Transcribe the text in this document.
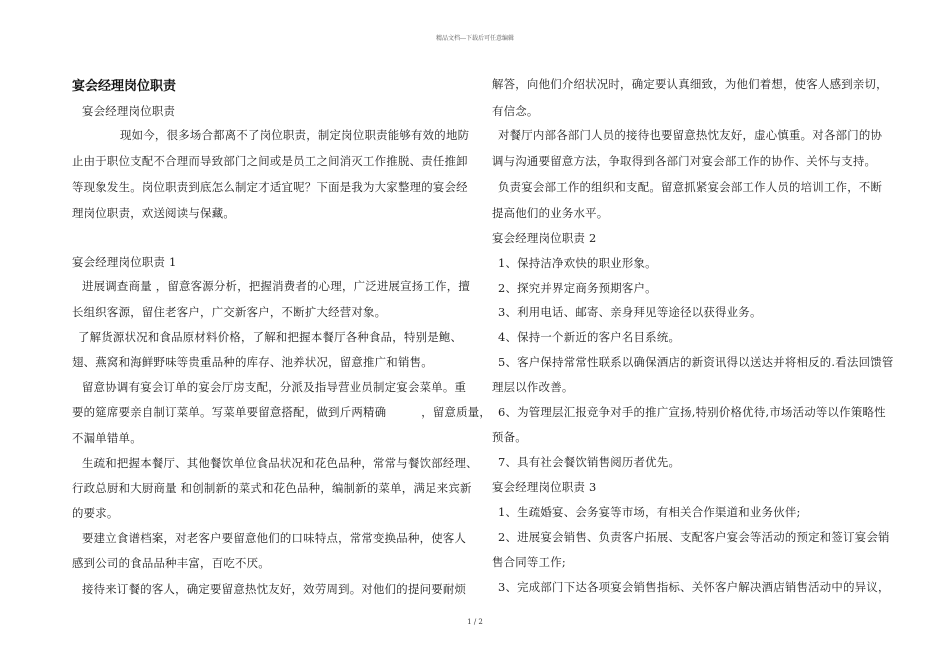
精品文档---下载后可任意编辑
宴会经理岗位职责
宴会经理岗位职责
现如今，很多场合都离不了岗位职责，制定岗位职责能够有效的地防
止由于职位支配不合理而导致部门之间或是员工之间消灭工作推脱、责任推卸
等现象发生。岗位职责到底怎么制定才适宜呢？下面是我为大家整理的宴会经
理岗位职责，欢送阅读与保藏。
宴会经理岗位职责 1
进展调查商量 ，留意客源分析，把握消费者的心理，广泛进展宣扬工作，擅
长组织客源，留住老客户，广交新客户，不断扩大经营对象。
了解货源状况和食品原材料价格，了解和把握本餐厅各种食品，特别是鲍、
翅、燕窝和海鲜野味等贵重品种的库存、池养状况，留意推广和销售。
留意协调有宴会订单的宴会厅房支配，分派及指导营业员制定宴会菜单。重
要的筵席要亲自制订菜单。写菜单要留意搭配，做到斤两精确　　　，留意质量，
不漏单错单。
生疏和把握本餐厅、其他餐饮单位食品状况和花色品种，常常与餐饮部经理、
行政总厨和大厨商量 和创制新的菜式和花色品种，编制新的菜单，满足来宾新
的要求。
要建立食谱档案，对老客户要留意他们的口味特点，常常变换品种，使客人
感到公司的食品品种丰富，百吃不厌。
接待来订餐的客人，确定要留意热忱友好，效劳周到。对他们的提问要耐烦
解答，向他们介绍状况时，确定要认真细致，为他们着想，使客人感到亲切，
有信念。
对餐厅内部各部门人员的接待也要留意热忱友好，虚心慎重。对各部门的协
调与沟通要留意方法，争取得到各部门对宴会部工作的协作、关怀与支持。
负责宴会部工作的组织和支配。留意抓紧宴会部工作人员的培训工作，不断
提高他们的业务水平。
宴会经理岗位职责 2
1、保持洁净欢快的职业形象。
2、探究并界定商务预期客户。
3、利用电话、邮寄、亲身拜见等途径以获得业务。
4、保持一个新近的客户名目系统。
5、客户保持常常性联系以确保酒店的新资讯得以送达并将相反的.看法回馈管
理层以作改善。
6、为管理层汇报竞争对手的推广宣扬,特别价格优待,市场活动等以作策略性
预备。
7、具有社会餐饮销售阅历者优先。
宴会经理岗位职责 3
1、生疏婚宴、会务宴等市场，有相关合作渠道和业务伙伴;
2、进展宴会销售、负责客户拓展、支配客户宴会等活动的预定和签订宴会销
售合同等工作;
3、完成部门下达各项宴会销售指标、关怀客户解决酒店销售活动中的异议，
1 / 2
